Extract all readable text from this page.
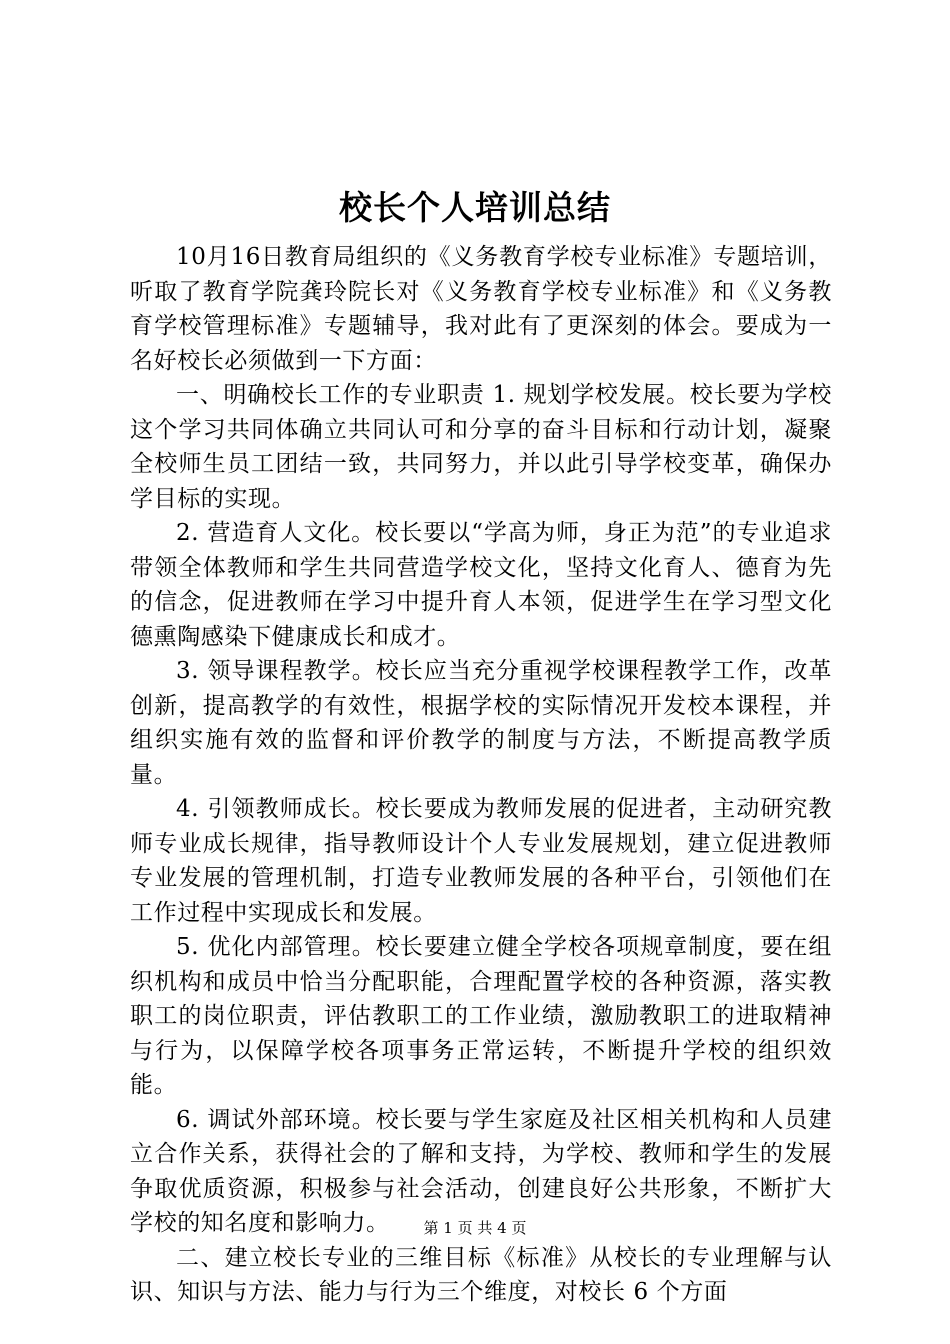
校长个人培训总结

10月16日教育局组织的《义务教育学校专业标准》专题培训，听取了教育学院龚玲院长对《义务教育学校专业标准》和《义务教育学校管理标准》专题辅导，我对此有了更深刻的体会。要成为一名好校长必须做到一下方面：

一、明确校长工作的专业职责 1. 规划学校发展。校长要为学校这个学习共同体确立共同认可和分享的奋斗目标和行动计划，凝聚全校师生员工团结一致，共同努力，并以此引导学校变革，确保办学目标的实现。

2. 营造育人文化。校长要以“学高为师，身正为范”的专业追求带领全体教师和学生共同营造学校文化，坚持文化育人、德育为先的信念，促进教师在学习中提升育人本领，促进学生在学习型文化德熏陶感染下健康成长和成才。

3. 领导课程教学。校长应当充分重视学校课程教学工作，改革创新，提高教学的有效性，根据学校的实际情况开发校本课程，并组织实施有效的监督和评价教学的制度与方法，不断提高教学质量。

4. 引领教师成长。校长要成为教师发展的促进者，主动研究教师专业成长规律，指导教师设计个人专业发展规划，建立促进教师专业发展的管理机制，打造专业教师发展的各种平台，引领他们在工作过程中实现成长和发展。

5. 优化内部管理。校长要建立健全学校各项规章制度，要在组织机构和成员中恰当分配职能，合理配置学校的各种资源，落实教职工的岗位职责，评估教职工的工作业绩，激励教职工的进取精神与行为，以保障学校各项事务正常运转，不断提升学校的组织效能。

6. 调试外部环境。校长要与学生家庭及社区相关机构和人员建立合作关系，获得社会的了解和支持，为学校、教师和学生的发展争取优质资源，积极参与社会活动，创建良好公共形象，不断扩大学校的知名度和影响力。

二、建立校长专业的三维目标《标准》从校长的专业理解与认识、知识与方法、能力与行为三个维度，对校长 6 个方面

第 1 页 共 4 页
